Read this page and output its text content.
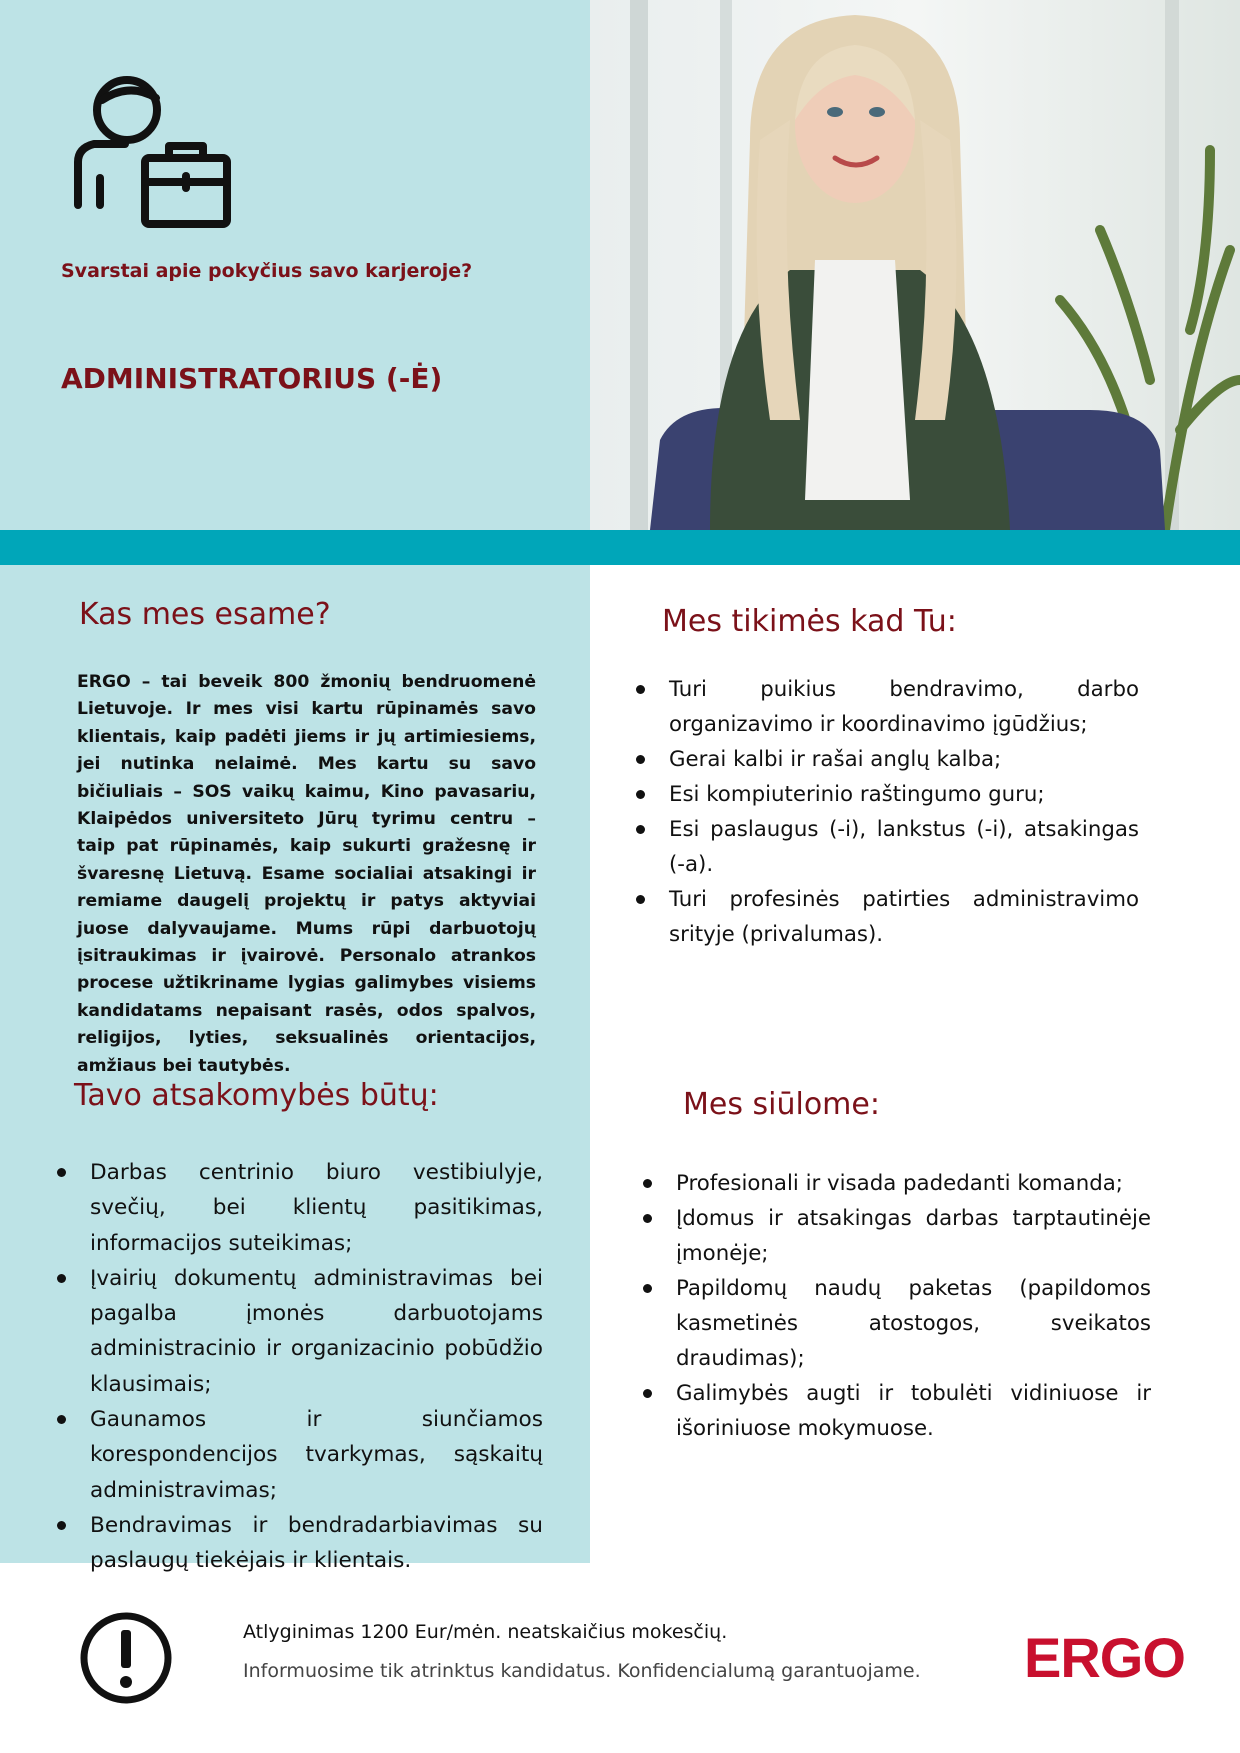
Svarstai apie pokyčius savo karjeroje?
ADMINISTRATORIUS (-Ė)
Kas mes esame?

ERGO – tai beveik 800 žmonių bendruomenė Lietuvoje. Ir mes visi kartu rūpinamės savo klientais, kaip padėti jiems ir jų artimiesiems, jei nutinka nelaimė. Mes kartu su savo bičiuliais – SOS vaikų kaimu, Kino pavasariu, Klaipėdos universiteto Jūrų tyrimu centru – taip pat rūpinamės, kaip sukurti gražesnę ir švaresnę Lietuvą. Esame socialiai atsakingi ir remiame daugelį projektų ir patys aktyviai juose dalyvaujame. Mums rūpi darbuotojų įsitraukimas ir įvairovė. Personalo atrankos procese užtikriname lygias galimybes visiems kandidatams nepaisant rasės, odos spalvos, religijos, lyties, seksualinės orientacijos, amžiaus bei tautybės.

Mes tikimės kad Tu:
Turi puikius bendravimo, darbo organizavimo ir koordinavimo įgūdžius;
Gerai kalbi ir rašai anglų kalba;
Esi kompiuterinio raštingumo guru;
Esi paslaugus (-i), lankstus (-i), atsakingas (-a).
Turi profesinės patirties administravimo srityje (privalumas).
Tavo atsakomybės būtų:
Darbas centrinio biuro vestibiulyje, svečių, bei klientų pasitikimas, informacijos suteikimas;
Įvairių dokumentų administravimas bei pagalba įmonės darbuotojams administracinio ir organizacinio pobūdžio klausimais;
Gaunamos ir siunčiamos korespondencijos tvarkymas, sąskaitų administravimas;
Bendravimas ir bendradarbiavimas su paslaugų tiekėjais ir klientais.
Mes siūlome:
Profesionali ir visada padedanti komanda;
Įdomus ir atsakingas darbas tarptautinėje įmonėje;
Papildomų naudų paketas (papildomos kasmetinės atostogos, sveikatos draudimas);
Galimybės augti ir tobulėti vidiniuose ir išoriniuose mokymuose.
Atlyginimas 1200 Eur/mėn. neatskaičius mokesčių.
Informuosime tik atrinktus kandidatus. Konfidencialumą garantuojame. ERGO
